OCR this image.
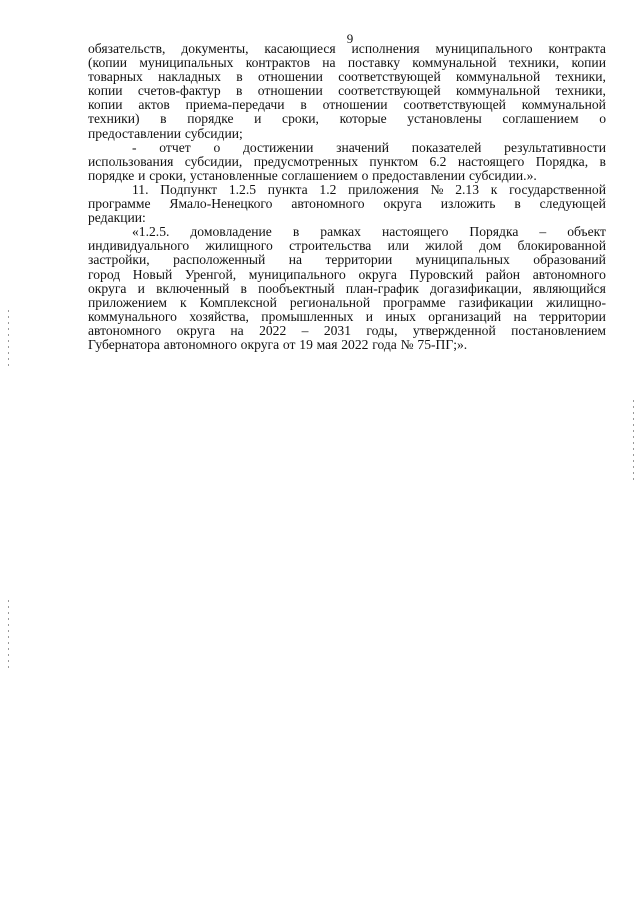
9
обязательств, документы, касающиеся исполнения муниципального контракта
(копии муниципальных контрактов на поставку коммунальной техники, копии
товарных накладных в отношении соответствующей коммунальной техники,
копии счетов-фактур в отношении соответствующей коммунальной техники,
копии актов приема-передачи в отношении соответствующей коммунальной
техники) в порядке и сроки, которые установлены соглашением о
предоставлении субсидии;
- отчет о достижении значений показателей результативности
использования субсидии, предусмотренных пунктом 6.2 настоящего Порядка, в
порядке и сроки, установленные соглашением о предоставлении субсидии.».
11. Подпункт 1.2.5 пункта 1.2 приложения № 2.13 к государственной
программе Ямало-Ненецкого автономного округа изложить в следующей
редакции:
«1.2.5. домовладение в рамках настоящего Порядка – объект
индивидуального жилищного строительства или жилой дом блокированной
застройки, расположенный на территории муниципальных образований
город Новый Уренгой, муниципального округа Пуровский район автономного
округа и включенный в пообъектный план-график догазификации, являющийся
приложением к Комплексной региональной программе газификации жилищно-
коммунального хозяйства, промышленных и иных организаций на территории
автономного округа на 2022 – 2031 годы, утвержденной постановлением
Губернатора автономного округа от 19 мая 2022 года № 75-ПГ;».
